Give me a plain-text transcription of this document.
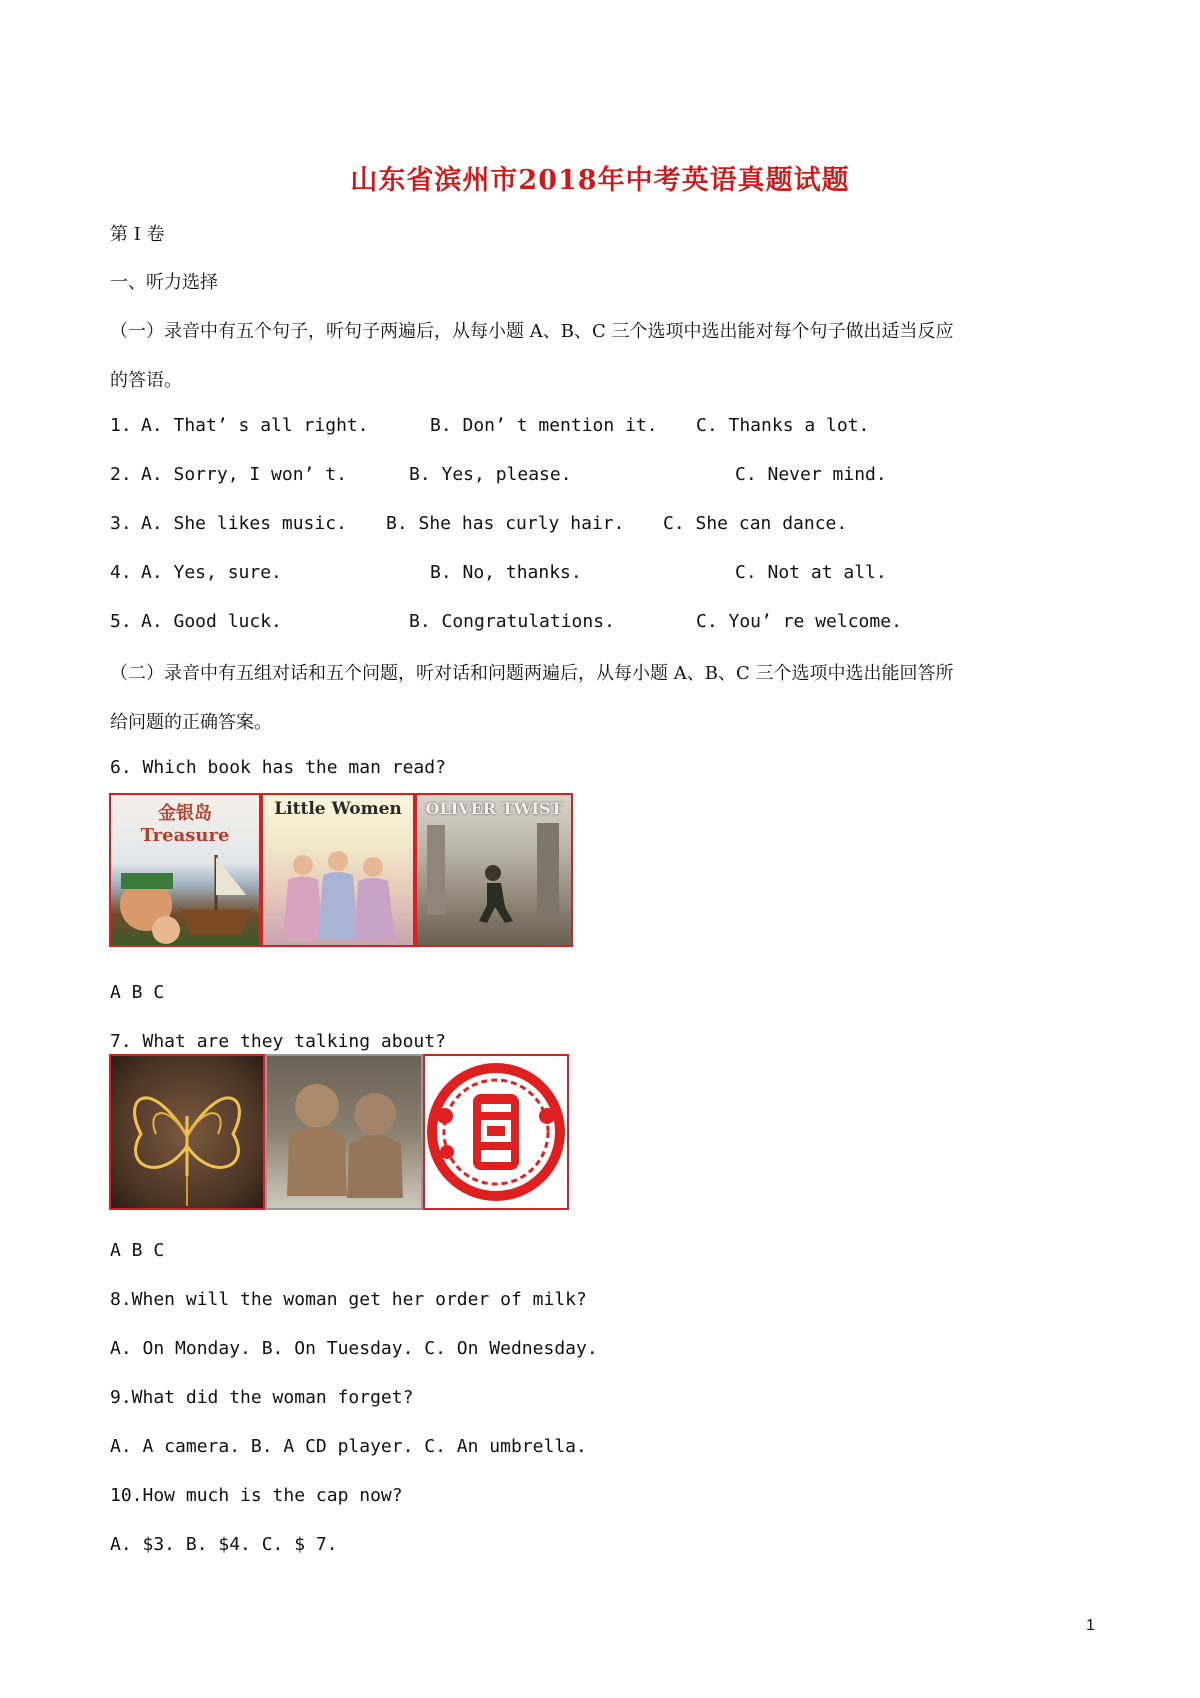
山东省滨州市2018年中考英语真题试题
第 I 卷
一、听力选择
（一）录音中有五个句子，听句子两遍后，从每小题 A、B、C 三个选项中选出能对每个句子做出适当反应
的答语。
1. A. That’ s all right.	B. Don’ t mention it. C. Thanks a lot.
2. A. Sorry, I won’ t.	B. Yes, please.	C. Never mind.
3. A. She likes music. B. She has curly hair. C. She can dance.
4. A. Yes, sure.	B. No, thanks.	C. Not at all.
5. A. Good luck.	B. Congratulations.	C. You’ re welcome.
（二）录音中有五组对话和五个问题，听对话和问题两遍后，从每小题 A、B、C 三个选项中选出能回答所
给问题的正确答案。
6. Which book has the man read?
金银岛 Treasure
Little Women	OLIVER TWIST
A B C
7. What are they talking about?
A B C
8.When will the woman get her order of milk?
A. On Monday. B. On Tuesday. C. On Wednesday.
9.What did the woman forget?
A. A camera. B. A CD player. C. An umbrella.
10.How much is the cap now?
A. $3. B. $4. C. $ 7.
1
